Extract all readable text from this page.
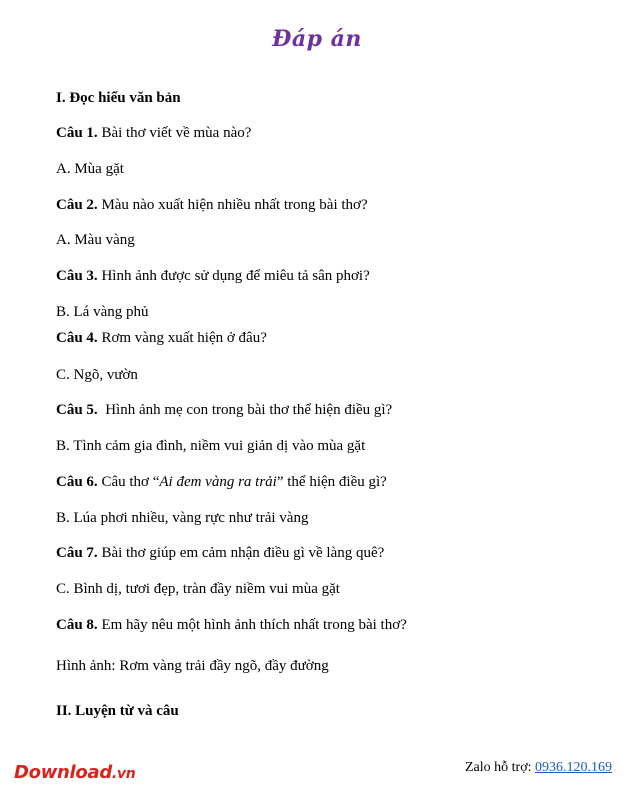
Đáp án
I. Đọc hiểu văn bản
Câu 1. Bài thơ viết về mùa nào?
A. Mùa gặt
Câu 2. Màu nào xuất hiện nhiều nhất trong bài thơ?
A. Màu vàng
Câu 3. Hình ảnh được sử dụng để miêu tả sân phơi?
B. Lá vàng phủ
Câu 4. Rơm vàng xuất hiện ở đâu?
C. Ngõ, vườn
Câu 5.  Hình ảnh mẹ con trong bài thơ thể hiện điều gì?
B. Tình cảm gia đình, niềm vui giản dị vào mùa gặt
Câu 6. Câu thơ “Ai đem vàng ra trải” thể hiện điều gì?
B. Lúa phơi nhiều, vàng rực như trải vàng
Câu 7. Bài thơ giúp em cảm nhận điều gì về làng quê?
C. Bình dị, tươi đẹp, tràn đầy niềm vui mùa gặt
Câu 8. Em hãy nêu một hình ảnh thích nhất trong bài thơ?
Hình ảnh: Rơm vàng trải đầy ngõ, đầy đường
II. Luyện từ và câu
Download.vn	Zalo hỗ trợ: 0936.120.169
